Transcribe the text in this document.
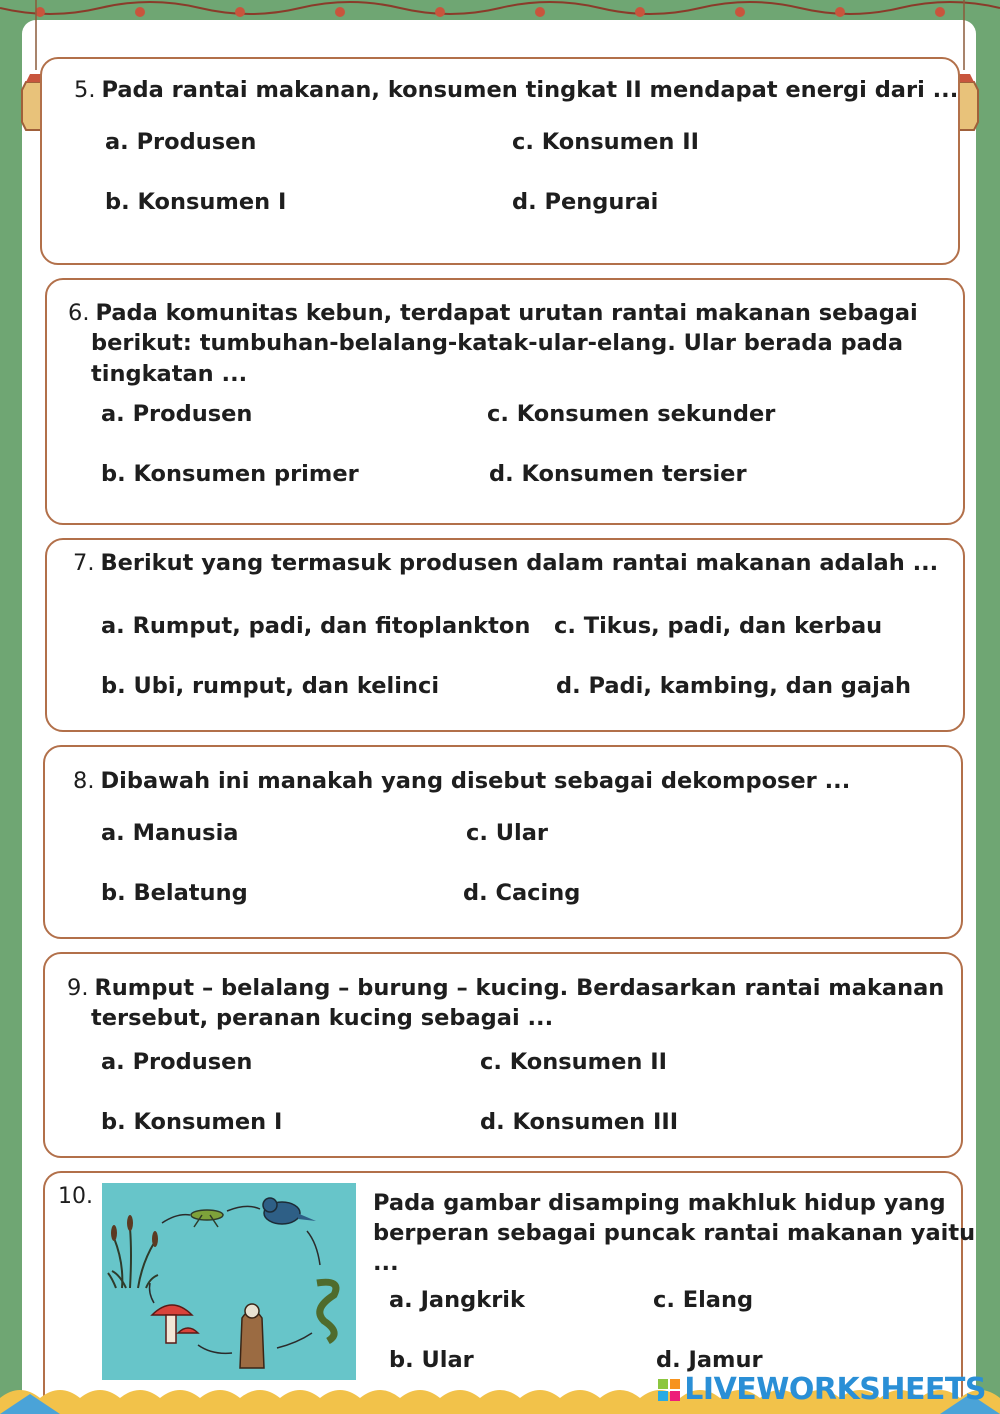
5. Pada rantai makanan, konsumen tingkat II mendapat energi dari ...
a. Produsen
b. Konsumen I
c. Konsumen II
d. Pengurai
6. Pada komunitas kebun, terdapat urutan rantai makanan sebagai
berikut: tumbuhan-belalang-katak-ular-elang. Ular berada pada
tingkatan ...
a. Produsen
b. Konsumen primer
c. Konsumen sekunder
d. Konsumen tersier
7. Berikut yang termasuk produsen dalam rantai makanan adalah ...
a. Rumput, padi, dan fitoplankton
b. Ubi, rumput, dan kelinci
c. Tikus, padi, dan kerbau
d. Padi, kambing, dan gajah
8. Dibawah ini manakah yang disebut sebagai dekomposer ...
a. Manusia
b. Belatung
c. Ular
d. Cacing
9. Rumput – belalang – burung – kucing. Berdasarkan rantai makanan
tersebut, peranan kucing sebagai ...
a. Produsen
b. Konsumen I
c. Konsumen II
d. Konsumen III
10.	Pada gambar disamping makhluk hidup yang
berperan sebagai puncak rantai makanan yaitu
...
a. Jangkrik
b. Ular
c. Elang
d. Jamur
LIVEWORKSHEETS
